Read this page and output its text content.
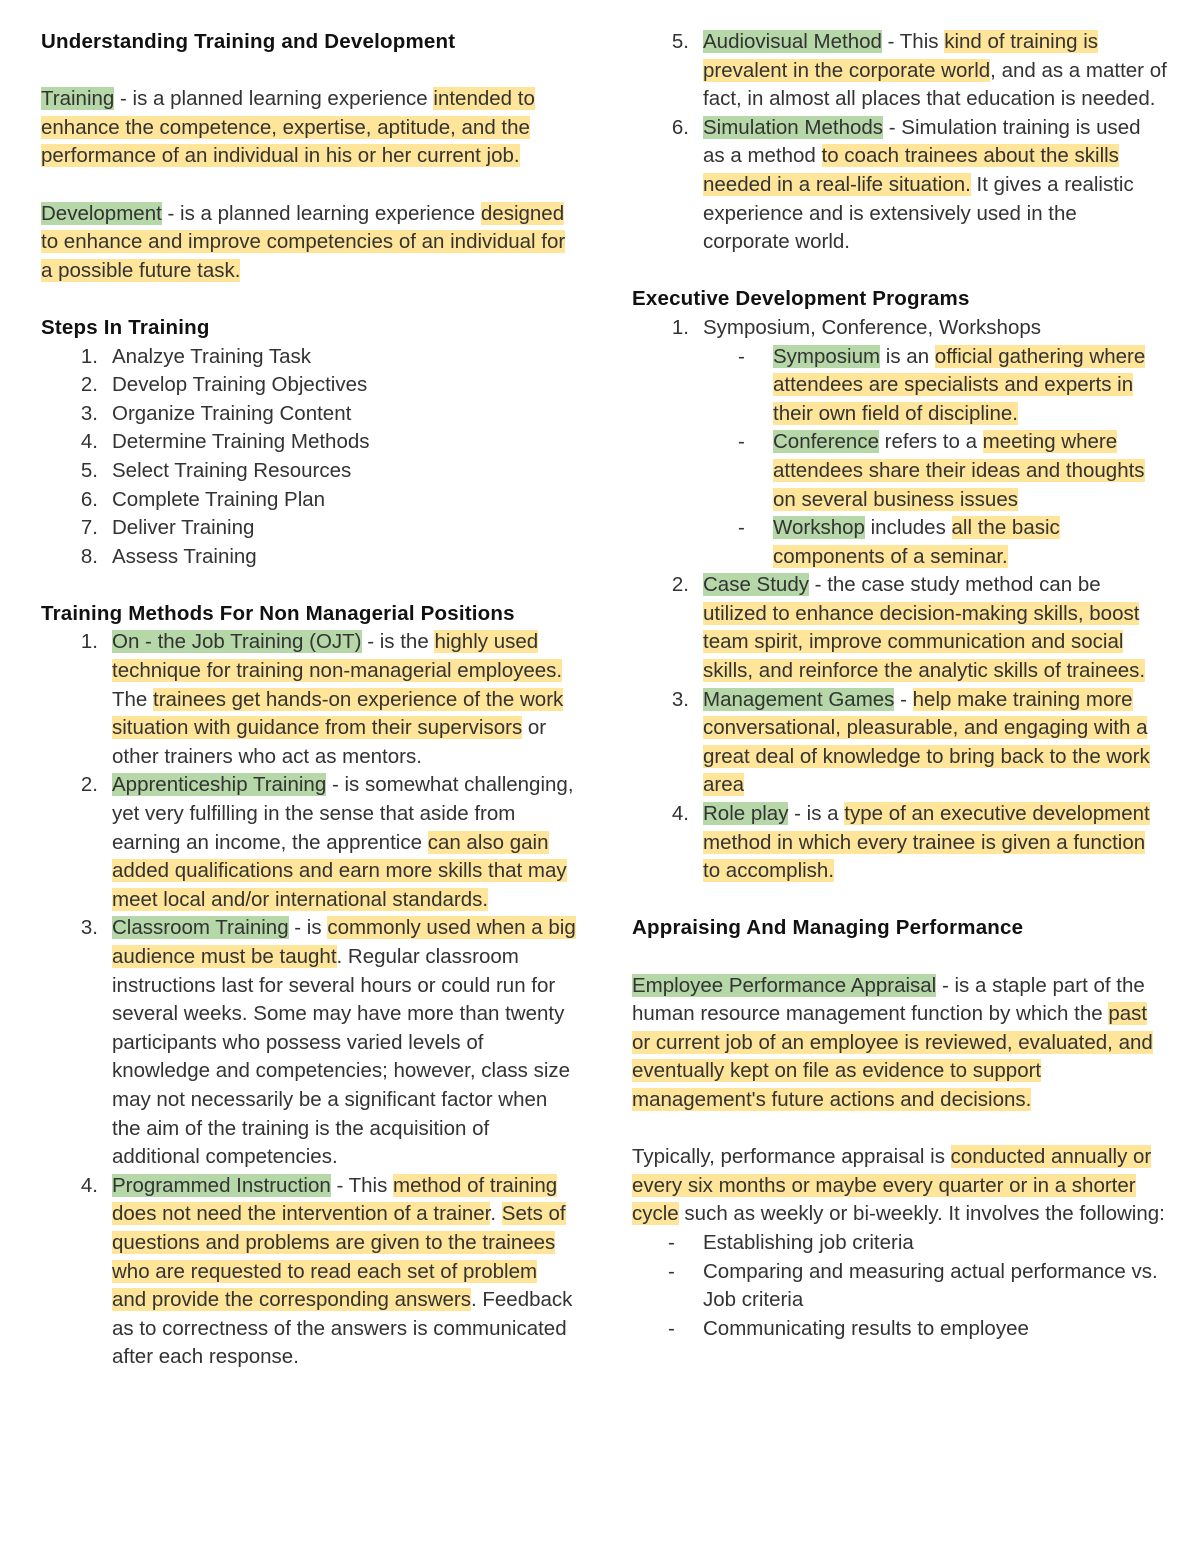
Understanding Training and Development

Training - is a planned learning experience intended to enhance the competence, expertise, aptitude, and the performance of an individual in his or her current job.

Development - is a planned learning experience designed to enhance and improve competencies of an individual for a possible future task.

Steps In Training
1. Analzye Training Task
2. Develop Training Objectives
3. Organize Training Content
4. Determine Training Methods
5. Select Training Resources
6. Complete Training Plan
7. Deliver Training
8. Assess Training
Training Methods For Non Managerial Positions
1. On - the Job Training (OJT) - is the highly used technique for training non-managerial employees. The trainees get hands-on experience of the work situation with guidance from their supervisors or other trainers who act as mentors.
2. Apprenticeship Training - is somewhat challenging, yet very fulfilling in the sense that aside from earning an income, the apprentice can also gain added qualifications and earn more skills that may meet local and/or international standards.
3. Classroom Training - is commonly used when a big audience must be taught. Regular classroom instructions last for several hours or could run for several weeks. Some may have more than twenty participants who possess varied levels of knowledge and competencies; however, class size may not necessarily be a significant factor when the aim of the training is the acquisition of additional competencies.
4. Programmed Instruction - This method of training does not need the intervention of a trainer. Sets of questions and problems are given to the trainees who are requested to read each set of problem and provide the corresponding answers. Feedback as to correctness of the answers is communicated after each response.
5. Audiovisual Method - This kind of training is prevalent in the corporate world, and as a matter of fact, in almost all places that education is needed.
6. Simulation Methods - Simulation training is used as a method to coach trainees about the skills needed in a real-life situation. It gives a realistic experience and is extensively used in the corporate world.
Executive Development Programs
1. Symposium, Conference, Workshops
- Symposium is an official gathering where attendees are specialists and experts in their own field of discipline.
- Conference refers to a meeting where attendees share their ideas and thoughts on several business issues
- Workshop includes all the basic components of a seminar.
2. Case Study - the case study method can be utilized to enhance decision-making skills, boost team spirit, improve communication and social skills, and reinforce the analytic skills of trainees.
3. Management Games - help make training more conversational, pleasurable, and engaging with a great deal of knowledge to bring back to the work area
4. Role play - is a type of an executive development method in which every trainee is given a function to accomplish.
Appraising And Managing Performance

Employee Performance Appraisal - is a staple part of the human resource management function by which the past or current job of an employee is reviewed, evaluated, and eventually kept on file as evidence to support management's future actions and decisions.

Typically, performance appraisal is conducted annually or every six months or maybe every quarter or in a shorter cycle such as weekly or bi-weekly. It involves the following:

- Establishing job criteria
- Comparing and measuring actual performance vs. Job criteria
- Communicating results to employee
